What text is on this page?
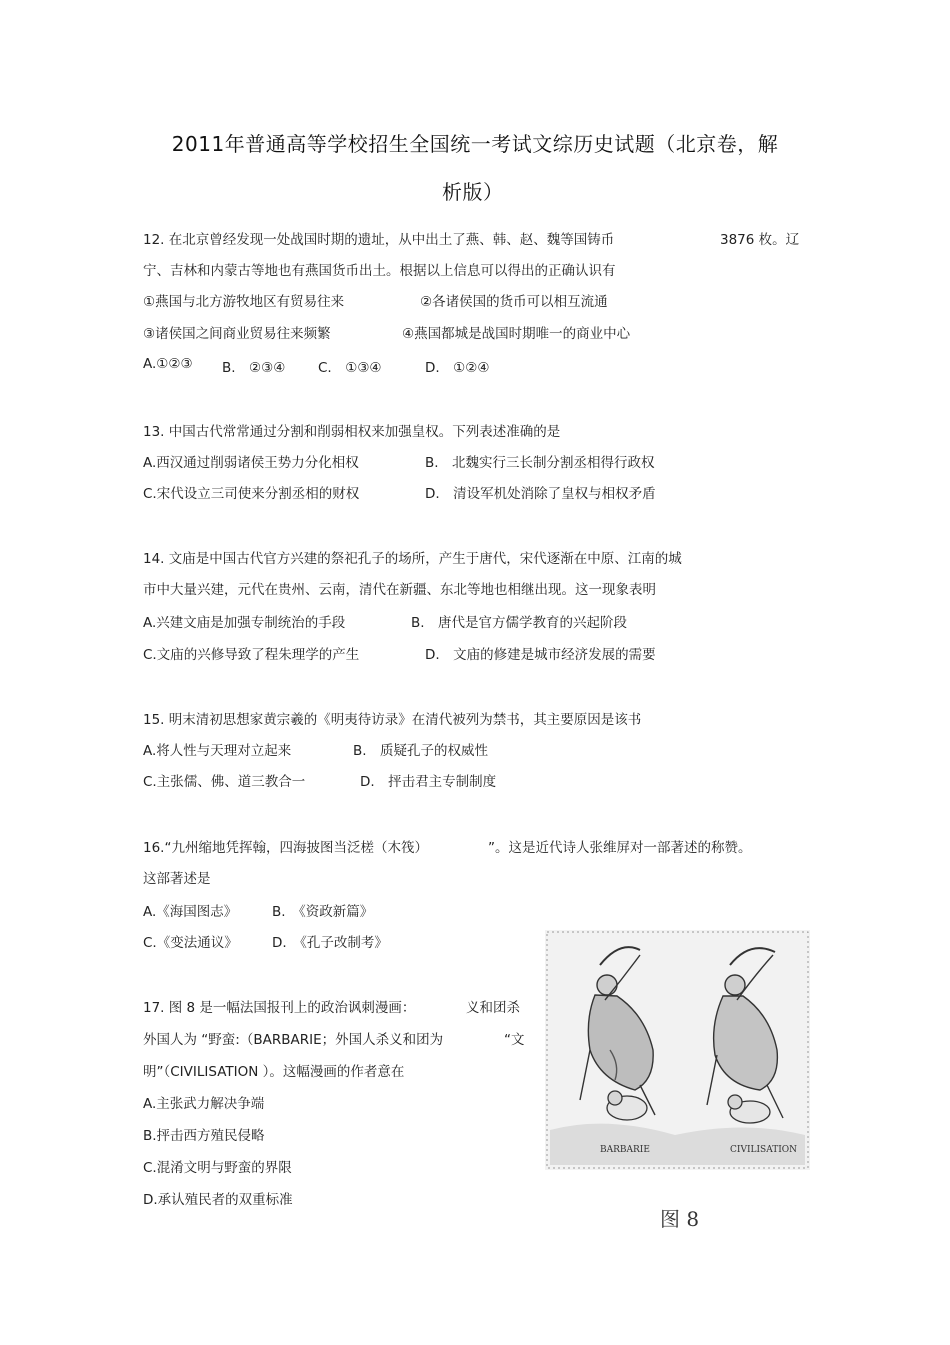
2011年普通高等学校招生全国统一考试文综历史试题（北京卷，解
析版）
12. 在北京曾经发现一处战国时期的遗址，从中出土了燕、韩、赵、魏等国铸币	3876 枚。辽
宁、吉林和内蒙古等地也有燕国货币出土。根据以上信息可以得出的正确认识有
①燕国与北方游牧地区有贸易往来	②各诸侯国的货币可以相互流通
③诸侯国之间商业贸易往来频繁	④燕国都城是战国时期唯一的商业中心
A.①②③ B.　②③④ C.　①③④	D.　①②④
13. 中国古代常常通过分割和削弱相权来加强皇权。下列表述准确的是
A.西汉通过削弱诸侯王势力分化相权	B.　北魏实行三长制分割丞相得行政权
C.宋代设立三司使来分割丞相的财权	D.　清设军机处消除了皇权与相权矛盾
14. 文庙是中国古代官方兴建的祭祀孔子的场所，产生于唐代，宋代逐渐在中原、江南的城
市中大量兴建，元代在贵州、云南，清代在新疆、东北等地也相继出现。这一现象表明
A.兴建文庙是加强专制统治的手段	B.　唐代是官方儒学教育的兴起阶段
C.文庙的兴修导致了程朱理学的产生	D.　文庙的修建是城市经济发展的需要
15. 明末清初思想家黄宗羲的《明夷待访录》在清代被列为禁书，其主要原因是该书
A.将人性与天理对立起来	B.　质疑孔子的权威性
C.主张儒、佛、道三教合一	D.　抨击君主专制制度
16.“九州缩地凭挥翰，四海披图当泛槎（木筏）	”。这是近代诗人张维屏对一部著述的称赞。
这部著述是
A.《海国图志》	B.　《资政新篇》
C.《变法通议》	D.　《孔子改制考》
17. 图 8 是一幅法国报刊上的政治讽刺漫画：	义和团杀
外国人为 “野蛮:（BARBARIE；外国人杀义和团为	“文
明”（CIVILISATION ）。这幅漫画的作者意在
A.主张武力解决争端
B.抨击西方殖民侵略
C.混淆文明与野蛮的界限
D.承认殖民者的双重标准
BARBARIE	CIVILISATION
图 8
